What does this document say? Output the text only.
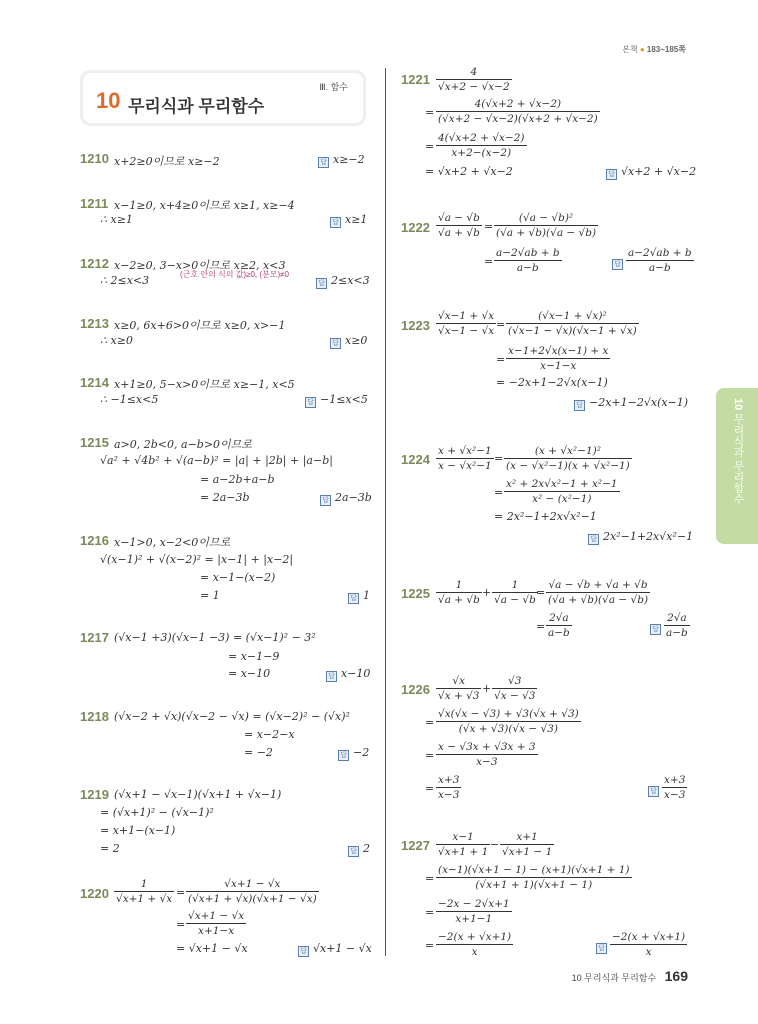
본책 ● 183~185쪽
10 무리식과 무리함수
Ⅲ. 함수
10 무리식과 무리함수
1210 x+2≥0이므로 x≥−2	답 x≥−2
1211 x−1≥0, x+4≥0이므로 x≥1, x≥−4
∴ x≥1	답 x≥1
1212 x−2≥0, 3−x>0이므로 x≥2, x<3
(근호 안의 식의 값)≥0, (분모)≠0
∴ 2≤x<3	답 2≤x<3
1213 x≥0, 6x+6>0이므로 x≥0, x>−1
∴ x≥0	답 x≥0
1214 x+1≥0, 5−x>0이므로 x≥−1, x<5
∴ −1≤x<5	답 −1≤x<5
1215 a>0, 2b<0, a−b>0이므로
√a² + √4b² + √(a−b)² = |a| + |2b| + |a−b|
= a−2b+a−b
= 2a−3b	답 2a−3b
1216 x−1>0, x−2<0이므로
√(x−1)² + √(x−2)² = |x−1| + |x−2|
= x−1−(x−2)
= 1	답 1
1217 (√x−1 +3)(√x−1 −3) = (√x−1)² − 3²
= x−1−9
= x−10	답 x−10
1218 (√x−2 + √x)(√x−2 − √x) = (√x−2)² − (√x)²
= x−2−x
= −2	답 −2
1219 (√x+1 − √x−1)(√x+1 + √x−1)
= (√x+1)² − (√x−1)²
= x+1−(x−1)
= 2	답 2
$1220 \frac{1}{√x+1 + √x} = \frac{√x+1 - √x}{(√x+1 + √x)(√x+1 - √x)}$
= $\frac{√x+1 - √x}{x+1-x}$
= √x+1 − √x	답 √x+1 − √x
$1221 \frac{4}{√x+2 - √x-2}$
= $\frac{4(√x+2 + √x-2)}{(√x+2 - √x-2)(√x+2 + √x-2)}$
= $\frac{4(√x+2 + √x-2)}{x+2-(x-2)}$
= √x+2 + √x−2	답 √x+2 + √x−2
$1222 \frac{√a - √b}{√a + √b} = \frac{\text{(√a − √b)²}}{(√a + √b)(√a - √b)}$
= $\frac{a-2√ab + b}{a-b}$	답 $\frac{a-2√ab + b}{a-b}$
$1223 \frac{√x-1 + √x}{√x-1 - √x} = \frac{\text{(√x−1 + √x)²}}{(√x-1 - √x)(√x-1 + √x)}$
= $\frac{x-1+2√x(x-1) + x}{x-1-x}$
= −2x+1−2√x(x−1)
답 −2x+1−2√x(x−1)
$1224 \frac{\text{x + √x²−1}}{\text{x − √x²−1}} = \frac{\text{(x + √x²−1)²}}{\text{(x − √x²−1)(x + √x²−1)}}$
= $\frac{\text{x² + 2x√x²−1 + x²−1}}{\text{x² − (x²−1)}}$
= 2x²−1+2x√x²−1
답 2x²−1+2x√x²−1
$1225 \frac{1}{√a + √b} + \frac{1}{√a - √b}$
= $\frac{√a - √b + √a + √b}{(√a + √b)(√a - √b)}$
= $\frac{2√a}{a-b}$	답 $\frac{2√a}{a-b}$
$1226 \frac{√x}{√x + √3} + \frac{√3}{√x - √3}$
= $\frac{√x(√x - √3) + √3(√x + √3)}{(√x + √3)(√x - √3)}$
= $\frac{x - √3x + √3x + 3}{x-3}$
= $\frac{x+3}{x-3}$	답 $\frac{x+3}{x-3}$
$1227 \frac{x-1}{√x+1 + 1} - \frac{x+1}{√x+1 - 1}$
= $\frac{(x-1)(√x+1 - 1) - (x+1)(√x+1 + 1)}{(√x+1 + 1)(√x+1 - 1)}$
= $\frac{-2x - 2√x+1}{x+1-1}$
= $\frac{-2(x + √x+1)}{x}$	답 $\frac{-2(x + √x+1)}{x}$
10 무리식과 무리함수 169
